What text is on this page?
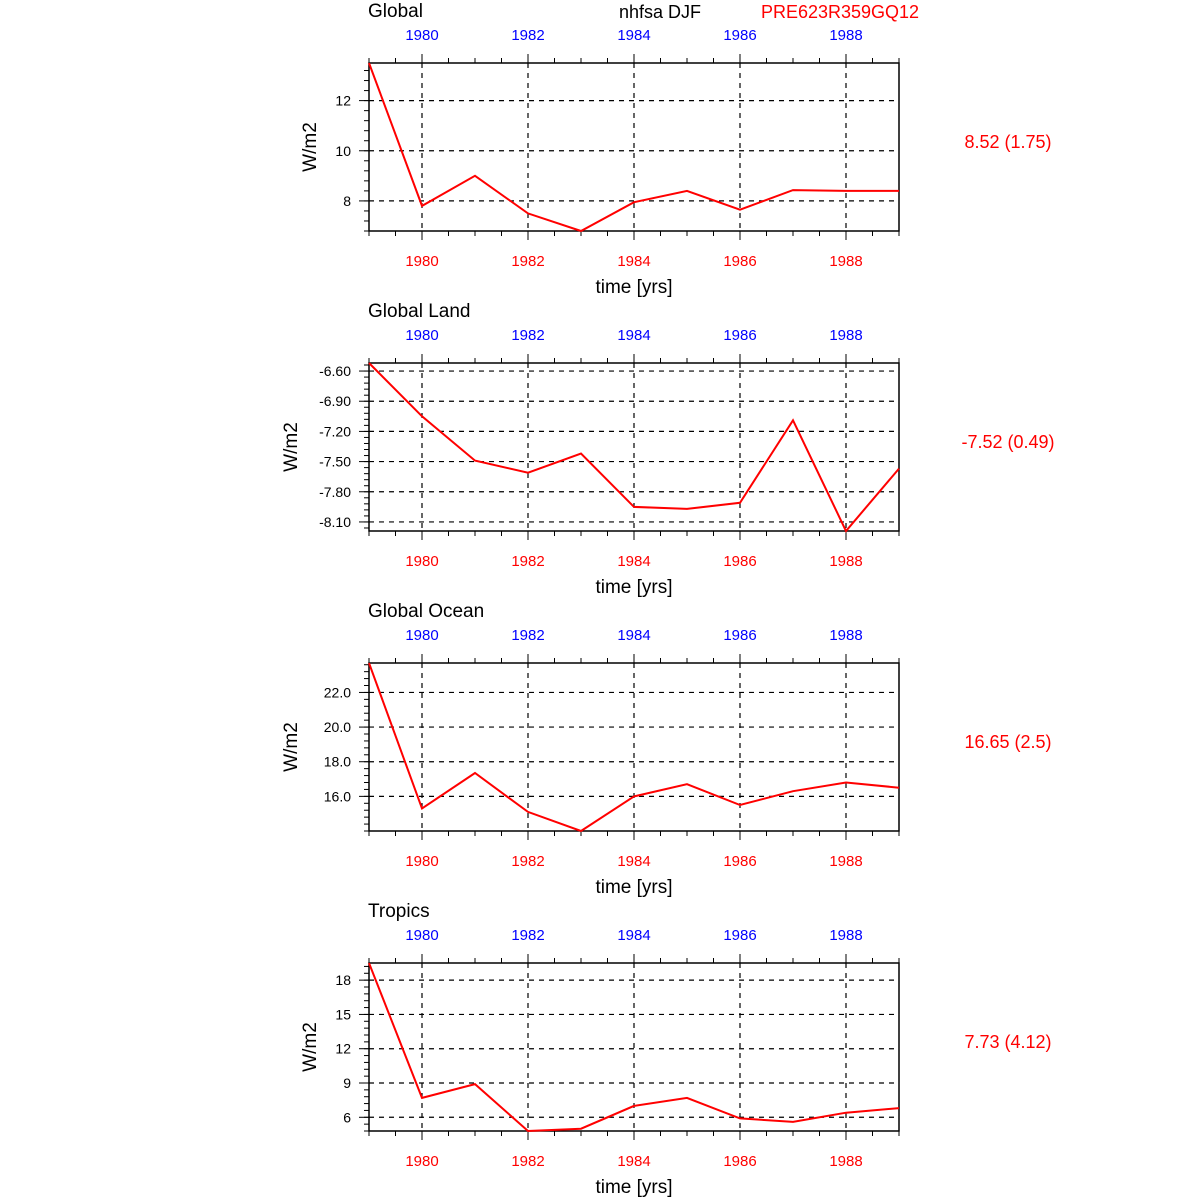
nhfsa DJF	PRE623R359GQ12
8
10
12
1980
1980
1982
1982
1984
1984
1986
1986
1988
1988
Global
time [yrs]
W/m2	8.52 (1.75)
-6.60
-6.90
-7.20
-7.50
-7.80
-8.10
1980
1980
1982
1982
1984
1984
1986
1986
1988
1988
Global Land
time [yrs]
W/m2	-7.52 (0.49)
16.0
18.0
20.0
22.0
1980
1980
1982
1982
1984
1984
1986
1986
1988
1988
Global Ocean
time [yrs]
W/m2	16.65 (2.5)
6
9
12
15
18
1980
1980
1982
1982
1984
1984
1986
1986
1988
1988
Tropics
time [yrs]
W/m2	7.73 (4.12)
